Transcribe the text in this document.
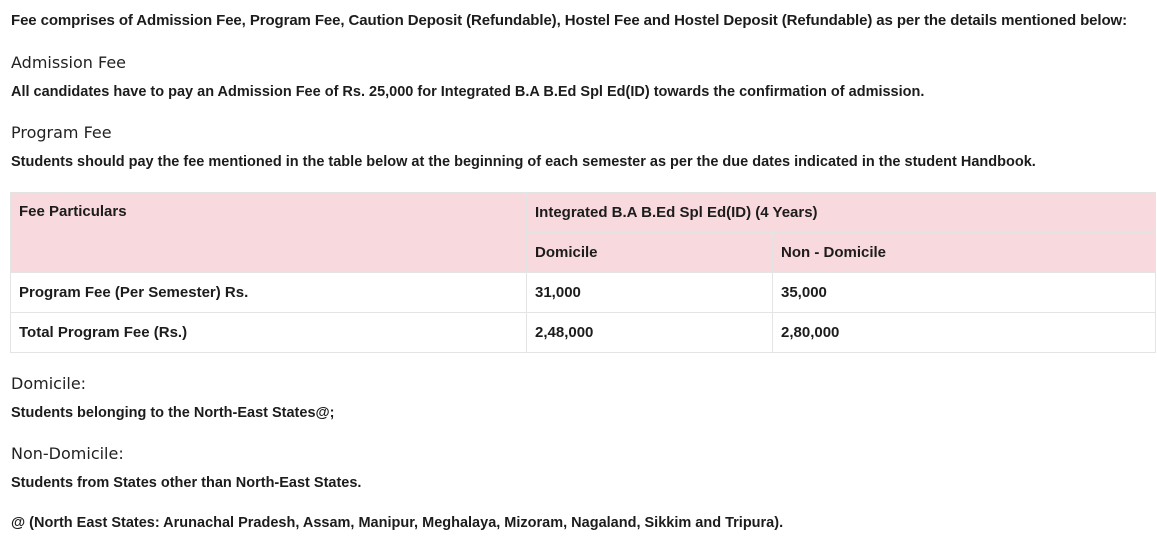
Fee comprises of Admission Fee, Program Fee, Caution Deposit (Refundable), Hostel Fee and Hostel Deposit (Refundable) as per the details mentioned below:
Admission Fee
All candidates have to pay an Admission Fee of Rs. 25,000 for Integrated B.A B.Ed Spl Ed(ID) towards the confirmation of admission.
Program Fee
Students should pay the fee mentioned in the table below at the beginning of each semester as per the due dates indicated in the student Handbook.
Fee Particulars	Integrated B.A B.Ed Spl Ed(ID) (4 Years)	
	Domicile	Non - Domicile
Program Fee (Per Semester) Rs.	31,000	35,000
Total Program Fee (Rs.)	2,48,000	2,80,000
Domicile:
Students belonging to the North-East States@;
Non-Domicile:
Students from States other than North-East States.
@ (North East States: Arunachal Pradesh, Assam, Manipur, Meghalaya, Mizoram, Nagaland, Sikkim and Tripura).
